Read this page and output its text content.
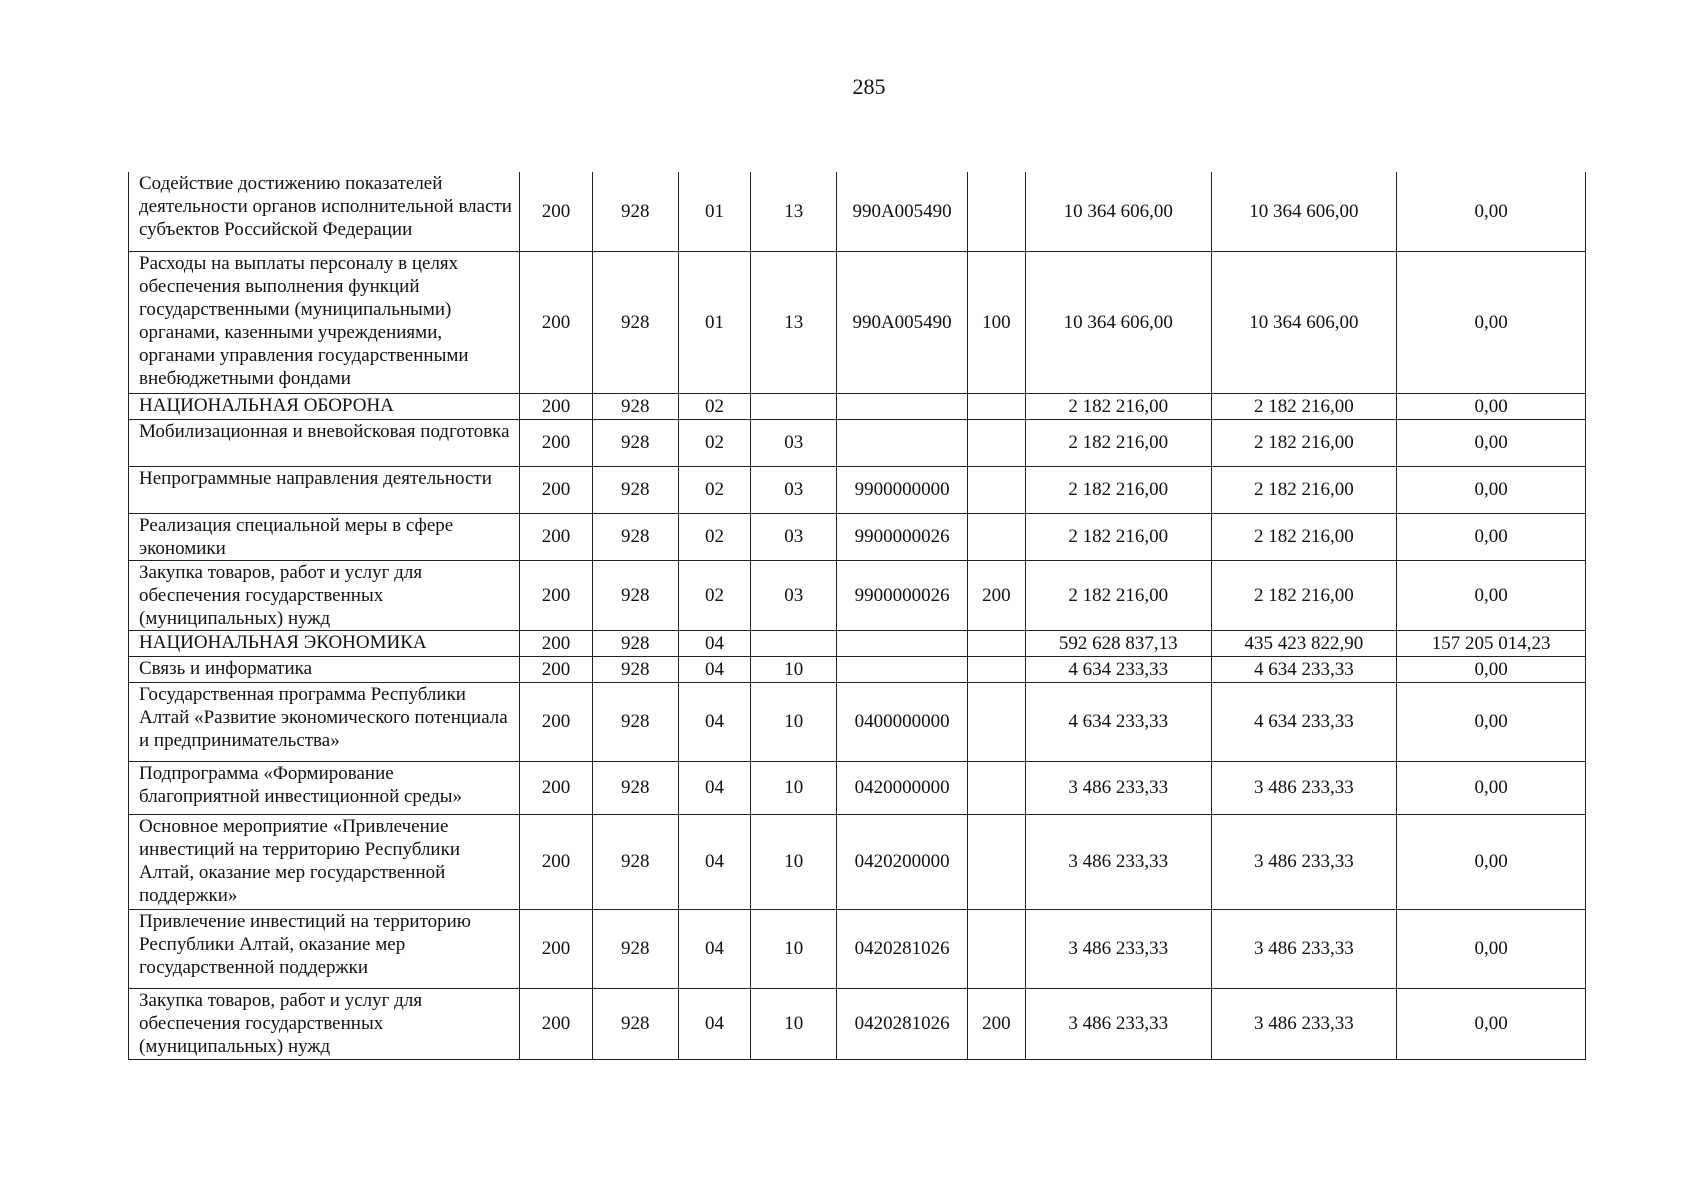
285
Содействие достижению показателей деятельности органов исполнительной власти субъектов Российской Федерации	200	928	01	13	990А005490		10 364 606,00	10 364 606,00	0,00
Расходы на выплаты персоналу в целях обеспечения выполнения функций государственными (муниципальными) органами, казенными учреждениями, органами управления государственными внебюджетными фондами	200	928	01	13	990А005490	100	10 364 606,00	10 364 606,00	0,00
НАЦИОНАЛЬНАЯ ОБОРОНА	200	928	02				2 182 216,00	2 182 216,00	0,00
Мобилизационная и вневойсковая подготовка	200	928	02	03			2 182 216,00	2 182 216,00	0,00
Непрограммные направления деятельности	200	928	02	03	9900000000		2 182 216,00	2 182 216,00	0,00
Реализация специальной меры в сфере экономики	200	928	02	03	9900000026		2 182 216,00	2 182 216,00	0,00
Закупка товаров, работ и услуг для обеспечения государственных (муниципальных) нужд	200	928	02	03	9900000026	200	2 182 216,00	2 182 216,00	0,00
НАЦИОНАЛЬНАЯ ЭКОНОМИКА	200	928	04				592 628 837,13	435 423 822,90	157 205 014,23
Связь и информатика	200	928	04	10			4 634 233,33	4 634 233,33	0,00
Государственная программа Республики Алтай «Развитие экономического потенциала и предпринимательства»	200	928	04	10	0400000000		4 634 233,33	4 634 233,33	0,00
Подпрограмма «Формирование благоприятной инвестиционной среды»	200	928	04	10	0420000000		3 486 233,33	3 486 233,33	0,00
Основное мероприятие «Привлечение инвестиций на территорию Республики Алтай, оказание мер государственной поддержки»	200	928	04	10	0420200000		3 486 233,33	3 486 233,33	0,00
Привлечение инвестиций на территорию Республики Алтай, оказание мер государственной поддержки	200	928	04	10	0420281026		3 486 233,33	3 486 233,33	0,00
Закупка товаров, работ и услуг для обеспечения государственных (муниципальных) нужд	200	928	04	10	0420281026	200	3 486 233,33	3 486 233,33	0,00
